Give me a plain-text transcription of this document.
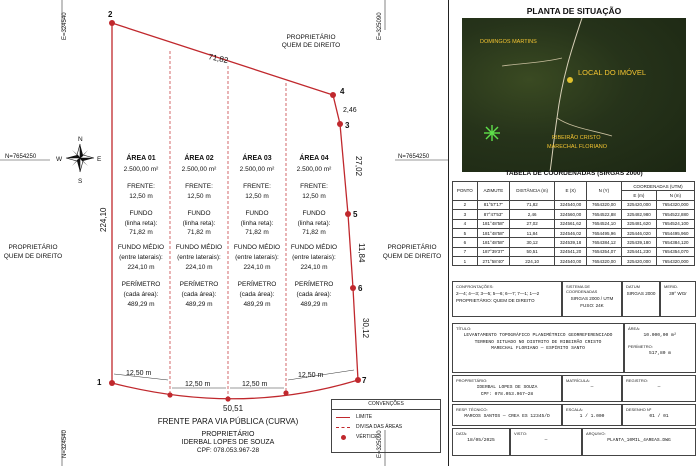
E=324540
N=324540
E=325090
E=325090
N=7654250	N=7654250
N
S
E
W
PROPRIETÁRIO
QUEM DE DIREITO
PROPRIETÁRIO
QUEM DE DIREITO
PROPRIETÁRIO
QUEM DE DIREITO
71,82
224,10
2,46
27,02
11,84
30,12
12,50 m
12,50 m	12,50 m
12,50 m
50,51
FRENTE PARA VIA PÚBLICA (CURVA)
PROPRIETÁRIO
IDERBAL LOPES DE SOUZA
CPF: 078.053.967-28
ÁREA 01
2.500,00 m²
FRENTE:
12,50 m
FUNDO
(linha reta):
71,82 m
FUNDO MÉDIO
(entre laterais):
224,10 m
PERÍMETRO
(cada área):
489,29 m
ÁREA 02
2.500,00 m²
FRENTE:
12,50 m
FUNDO
(linha reta):
71,82 m
FUNDO MÉDIO
(entre laterais):
224,10 m
PERÍMETRO
(cada área):
489,29 m
ÁREA 03
2.500,00 m²
FRENTE:
12,50 m
FUNDO
(linha reta):
71,82 m
FUNDO MÉDIO
(entre laterais):
224,10 m
PERÍMETRO
(cada área):
489,29 m
ÁREA 04
2.500,00 m²
FRENTE:
12,50 m
FUNDO
(linha reta):
71,82 m
FUNDO MÉDIO
(entre laterais):
224,10 m
PERÍMETRO
(cada área):
489,29 m
1
2
3
4
5
6
7
CONVENÇÕES
LIMITE
DIVISA DAS ÁREAS
VÉRTICE
PLANTA DE SITUAÇÃO
DOMINGOS MARTINS
LOCAL DO IMÓVEL
RIBEIRÃO CRISTO
MARECHAL FLORIANO
TABELA DE COORDENADAS (SIRGAS 2000)
PONTO	AZIMUTE	DISTÂNCIA (m)	E (X)	N (Y)	COORDENADAS (UTM)	
					E (m)	N (m)
2	81°57'17"	71,82	324540,00	7654320,00	325420,000	7654320,000
3	87°47'53"	2,46	324560,00	7654522,88	325482,980	7654522,880
4	181°48'58"	27,02	324561,62	7654524,10	325481,620	7654524,100
5	181°48'58"	11,84	324546,02	7654495,96	325446,020	7654495,960
6	181°48'58"	30,12	324539,18	7654384,12	325439,180	7654384,120
7	187°39'37"	50,51	324541,20	7654354,07	325441,230	7654354,070
1	271°58'40"	224,10	324540,00	7654320,00	325420,000	7654320,000
CONFRONTAÇÕES:
2—4; 4—3; 3—5; 5—6; 6—7; 7—1; 1—2
PROPRIETÁRIO: QUEM DE DIREITO
SISTEMA DE COORDENADAS
SIRGAS 2000 / UTM
FUSO: 24K
DATUM
SIRGAS 2000
MERID.
39° WGr
TÍTULO:
LEVANTAMENTO TOPOGRÁFICO PLANIMÉTRICO GEORREFERENCIADO
TERRENO SITUADO NO DISTRITO DE RIBEIRÃO CRISTO
MARECHAL FLORIANO — ESPÍRITO SANTO
ÁREA:
10.000,00 m²
PERÍMETRO:
517,80 m
PROPRIETÁRIO:
IDERBAL LOPES DE SOUZA
CPF: 078.053.967—28
MATRÍCULA:
—
REGISTRO:
—
RESP. TÉCNICO:
MARCOS SANTOS — CREA ES 12345/D
ESCALA:
1 / 1.000
DESENHO Nº
01 / 01
DATA:
18/05/2025
VISTO:
—
ARQUIVO:
PLANTA_10MIL_4AREAS.DWG
